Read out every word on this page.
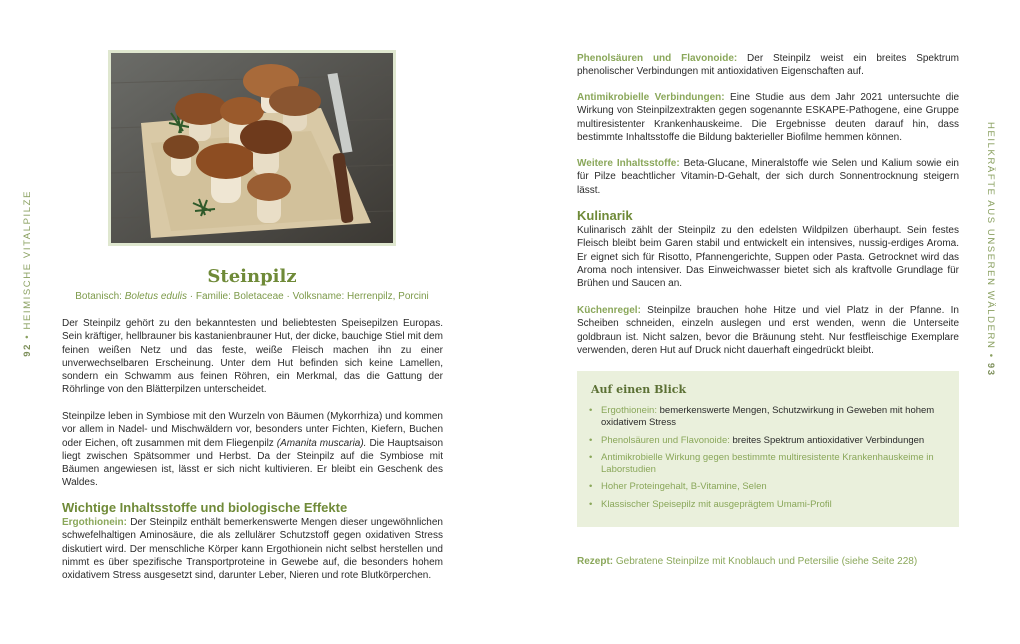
92 • HEIMISCHE VITALPILZE	Steinpilz
Botanisch: Boletus edulis · Familie: Boletaceae · Volksname: Herrenpilz, Porcini
Der Steinpilz gehört zu den bekanntesten und beliebtesten Speisepilzen Europas. Sein kräftiger, hellbrauner bis kastanienbrauner Hut, der dicke, bauchige Stiel mit dem feinen weißen Netz und das feste, weiße Fleisch machen ihn zu einer unverwechselbaren Erscheinung. Unter dem Hut befinden sich keine Lamellen, sondern ein Schwamm aus feinen Röhren, ein Merkmal, das die Gattung der Röhrlinge von den Blätterpilzen unterscheidet.
Steinpilze leben in Symbiose mit den Wurzeln von Bäumen (Mykorrhiza) und kommen vor allem in Nadel- und Mischwäldern vor, besonders unter Fichten, Kiefern, Buchen oder Eichen, oft zusammen mit dem Fliegenpilz (Amanita muscaria). Die Hauptsaison liegt zwischen Spätsommer und Herbst. Da der Steinpilz auf die Symbiose mit Bäumen angewiesen ist, lässt er sich nicht kultivieren. Er bleibt ein Geschenk des Waldes.
Wichtige Inhaltsstoffe und biologische Effekte
Ergothionein: Der Steinpilz enthält bemerkenswerte Mengen dieser ungewöhnlichen schwefelhaltigen Aminosäure, die als zellulärer Schutzstoff gegen oxidativen Stress diskutiert wird. Der menschliche Körper kann Ergothionein nicht selbst herstellen und nimmt es über spezifische Transportproteine in Gewebe auf, die besonders hohem oxidativem Stress ausgesetzt sind, darunter Leber, Nieren und rote Blutkörperchen.
HEILKRÄFTE AUS UNSEREN WÄLDERN • 93
Phenolsäuren und Flavonoide: Der Steinpilz weist ein breites Spektrum phenolischer Verbindungen mit antioxidativen Eigenschaften auf.
Antimikrobielle Verbindungen: Eine Studie aus dem Jahr 2021 untersuchte die Wirkung von Steinpilzextrakten gegen sogenannte ESKAPE-Pathogene, eine Gruppe multiresistenter Krankenhauskeime. Die Ergebnisse deuten darauf hin, dass bestimmte Inhaltsstoffe die Bildung bakterieller Biofilme hemmen können.
Weitere Inhaltsstoffe: Beta-Glucane, Mineralstoffe wie Selen und Kalium sowie ein für Pilze beachtlicher Vitamin-D-Gehalt, der sich durch Sonnentrocknung steigern lässt.
Kulinarik
Kulinarisch zählt der Steinpilz zu den edelsten Wildpilzen überhaupt. Sein festes Fleisch bleibt beim Garen stabil und entwickelt ein intensives, nussig-erdiges Aroma. Er eignet sich für Risotto, Pfannengerichte, Suppen oder Pasta. Getrocknet wird das Aroma noch intensiver. Das Einweichwasser bietet sich als kraftvolle Grundlage für Brühen und Saucen an.
Küchenregel: Steinpilze brauchen hohe Hitze und viel Platz in der Pfanne. In Scheiben schneiden, einzeln auslegen und erst wenden, wenn die Unterseite goldbraun ist. Nicht salzen, bevor die Bräunung steht. Nur festfleischige Exemplare verwenden, deren Hut auf Druck nicht dauerhaft eingedrückt bleibt.
Auf einen Blick
• Ergothionein: bemerkenswerte Mengen, Schutzwirkung in Geweben mit hohem oxidativem Stress
• Phenolsäuren und Flavonoide: breites Spektrum antioxidativer Verbindungen
• Antimikrobielle Wirkung gegen bestimmte multiresistente Krankenhauskeime in Laborstudien
• Hoher Proteingehalt, B-Vitamine, Selen
• Klassischer Speisepilz mit ausgeprägtem Umami-Profil
Rezept: Gebratene Steinpilze mit Knoblauch und Petersilie (siehe Seite 228)
